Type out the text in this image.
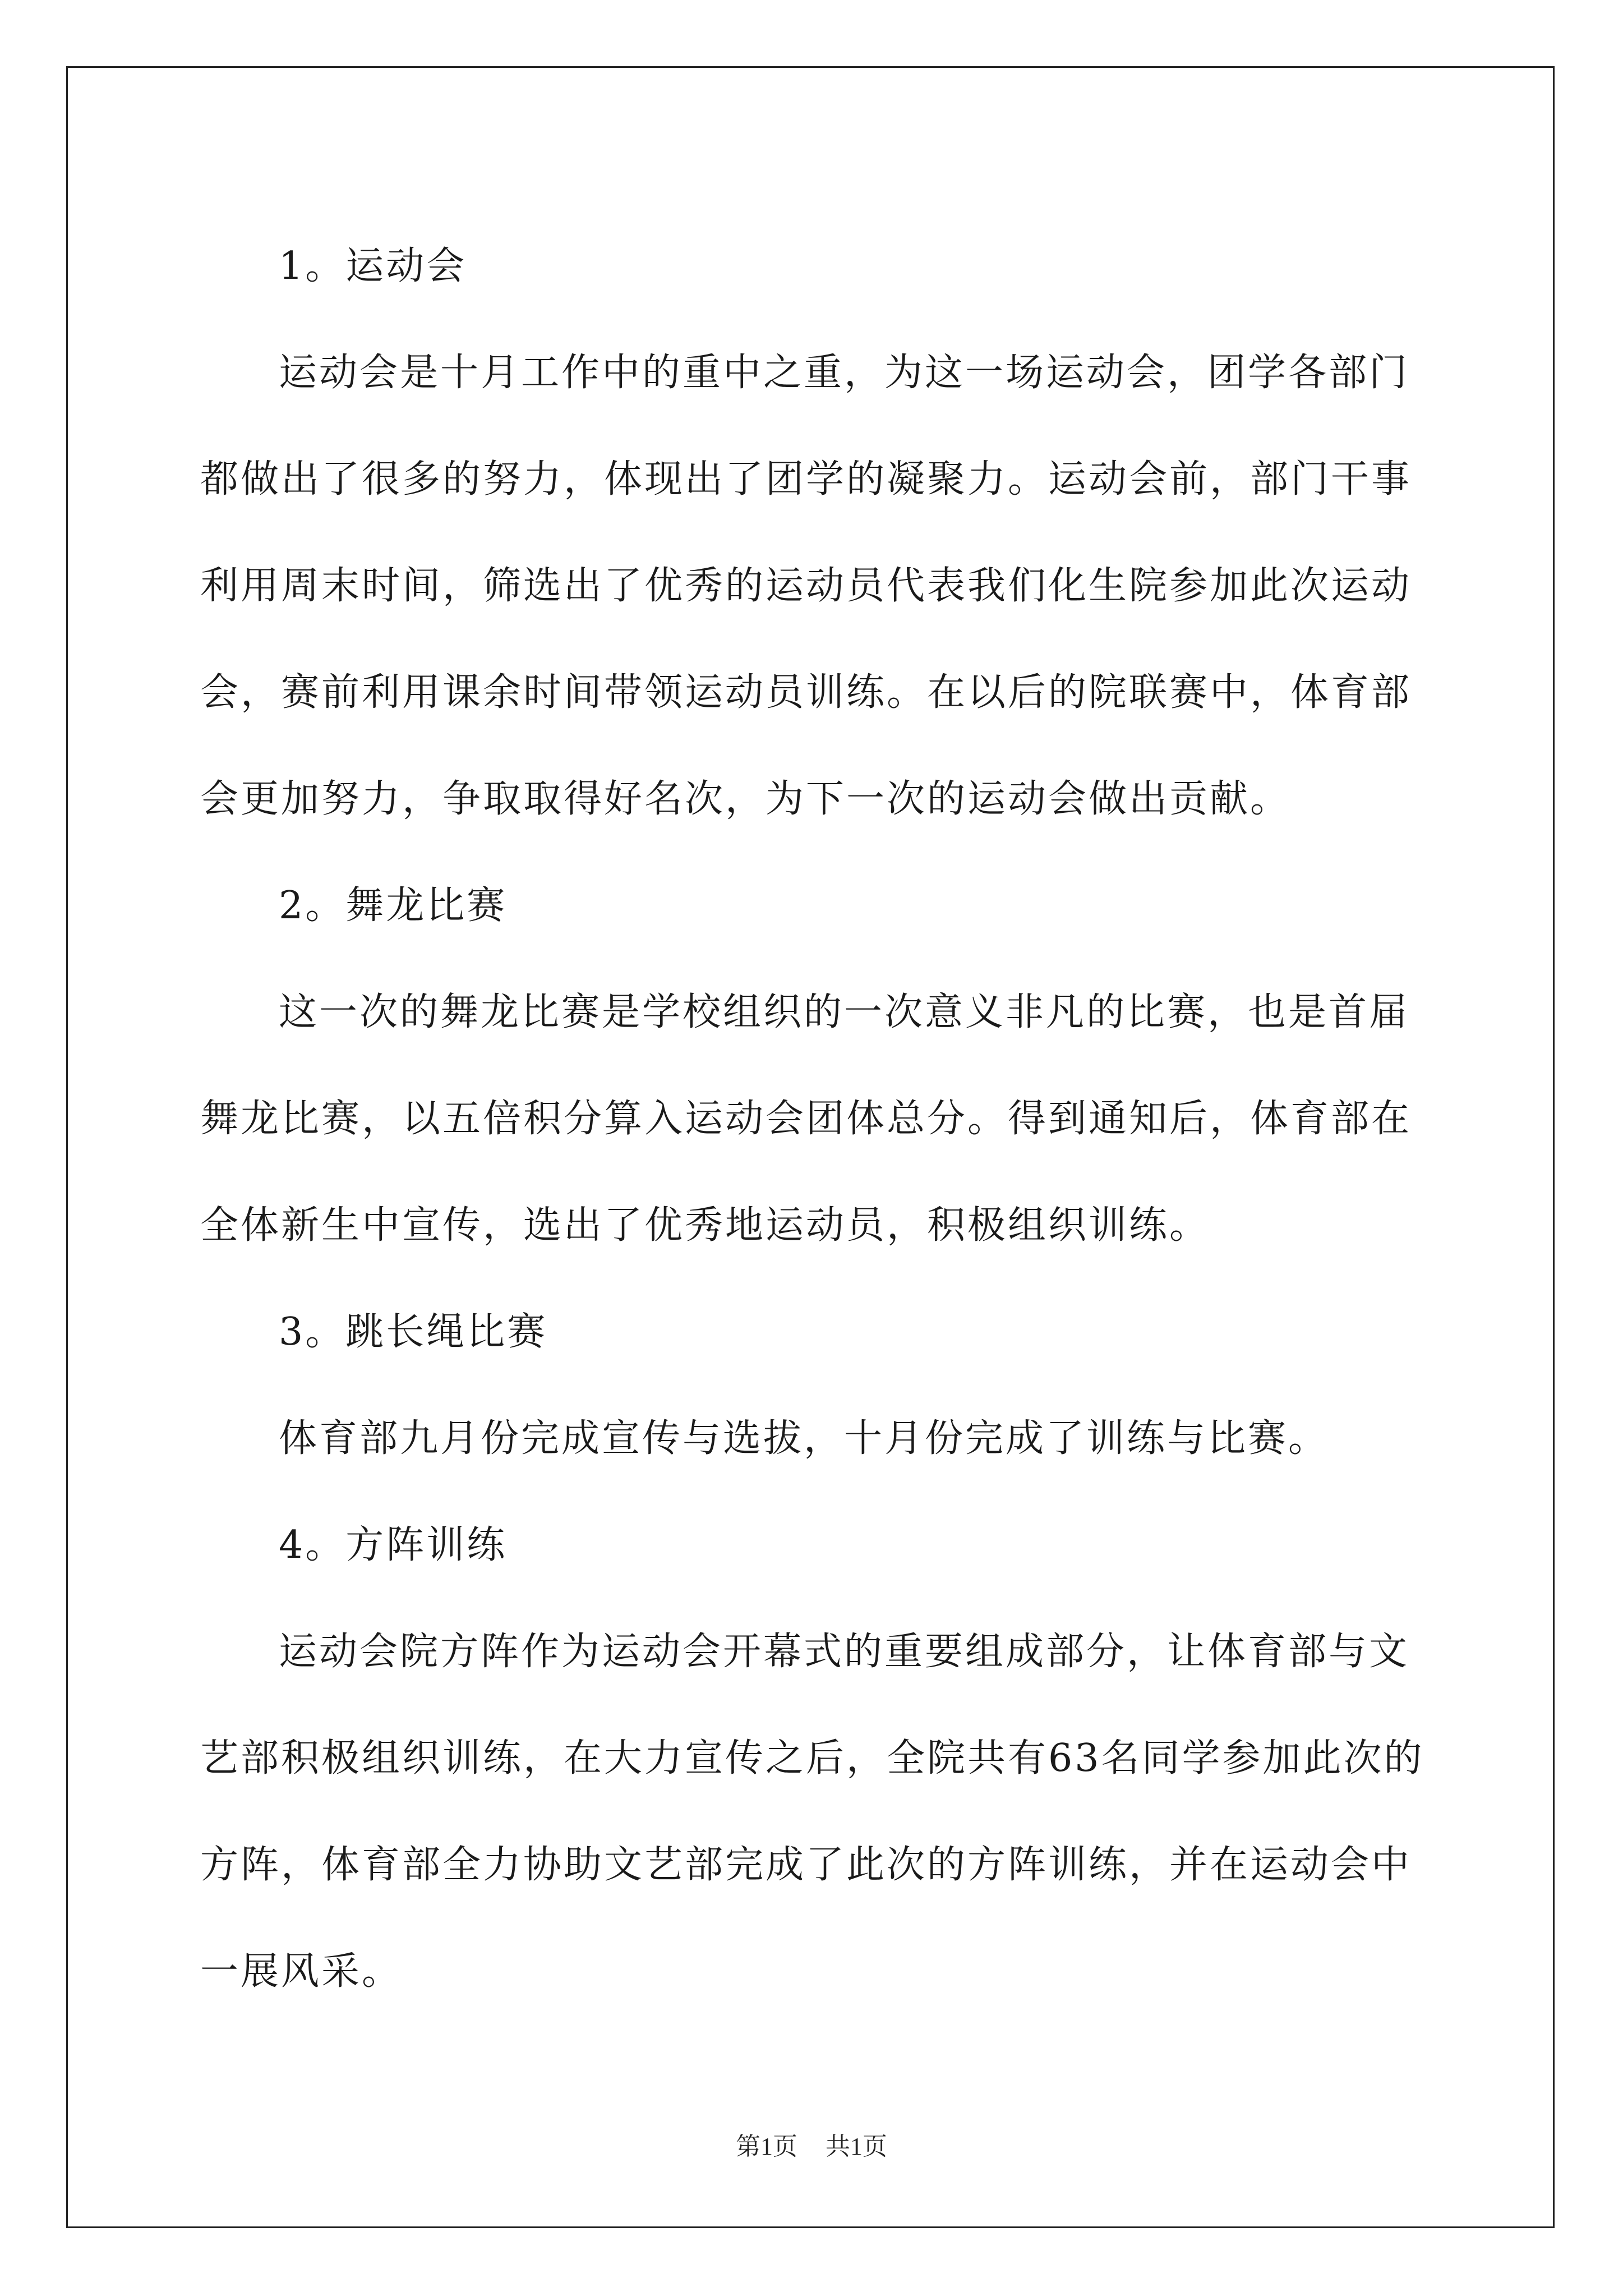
1。运动会
运动会是十月工作中的重中之重，为这一场运动会，团学各部门
都做出了很多的努力，体现出了团学的凝聚力。运动会前，部门干事
利用周末时间，筛选出了优秀的运动员代表我们化生院参加此次运动
会，赛前利用课余时间带领运动员训练。在以后的院联赛中，体育部
会更加努力，争取取得好名次，为下一次的运动会做出贡献。
2。舞龙比赛
这一次的舞龙比赛是学校组织的一次意义非凡的比赛，也是首届
舞龙比赛，以五倍积分算入运动会团体总分。得到通知后，体育部在
全体新生中宣传，选出了优秀地运动员，积极组织训练。
3。跳长绳比赛
体育部九月份完成宣传与选拔，十月份完成了训练与比赛。
4。方阵训练
运动会院方阵作为运动会开幕式的重要组成部分，让体育部与文
艺部积极组织训练，在大力宣传之后，全院共有63名同学参加此次的
方阵，体育部全力协助文艺部完成了此次的方阵训练，并在运动会中
一展风采。
第1页 共1页
